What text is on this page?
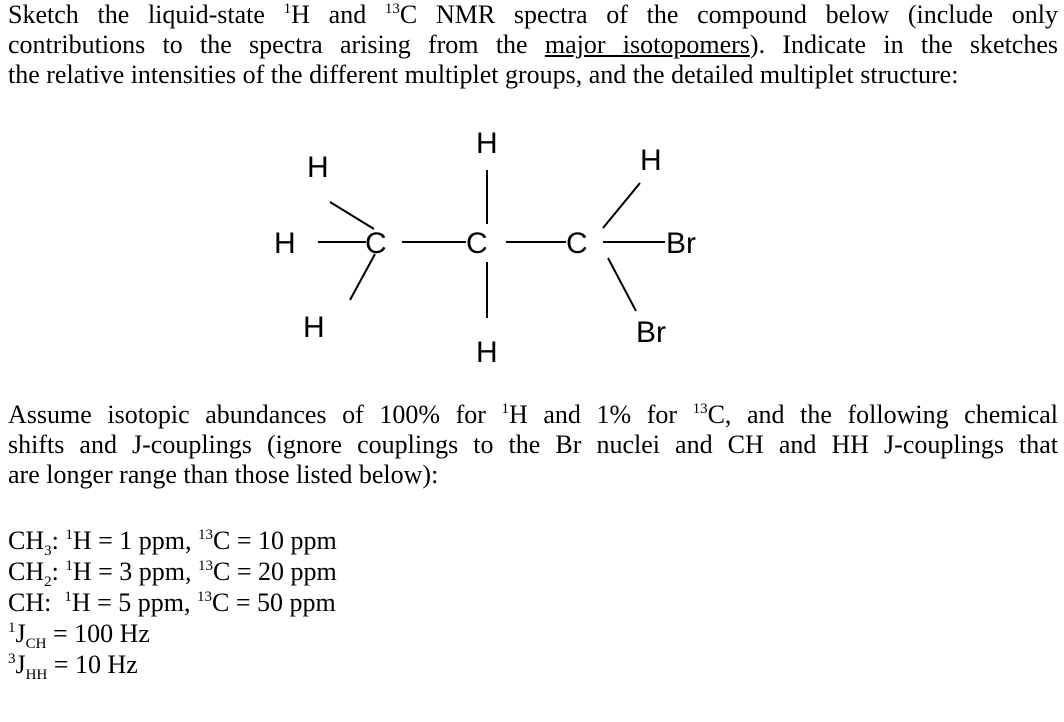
Sketch the liquid-state $^1$H and $^{13}$C NMR spectra of the compound below (include only
contributions to the spectra arising from the major isotopomers). Indicate in the sketches
the relative intensities of the different multiplet groups, and the detailed multiplet structure:
H
H
H
C
H
C
H
H
C	Br
Br
Assume isotopic abundances of 100% for $^1$H and 1% for $^{13}$C, and the following chemical
shifts and J-couplings (ignore couplings to the Br nuclei and CH and HH J-couplings that
are longer range than those listed below):
$CH_3$: $^1$H = 1 ppm, $^{13}$C = 10 ppm
$CH_2$: $^1$H = 3 ppm, $^{13}$C = 20 ppm
CH:  $^1$H = 5 ppm, $^{13}$C = 50 ppm
$^1J_{CH} = 100$ Hz
$^3J_{HH} = 10$ Hz
